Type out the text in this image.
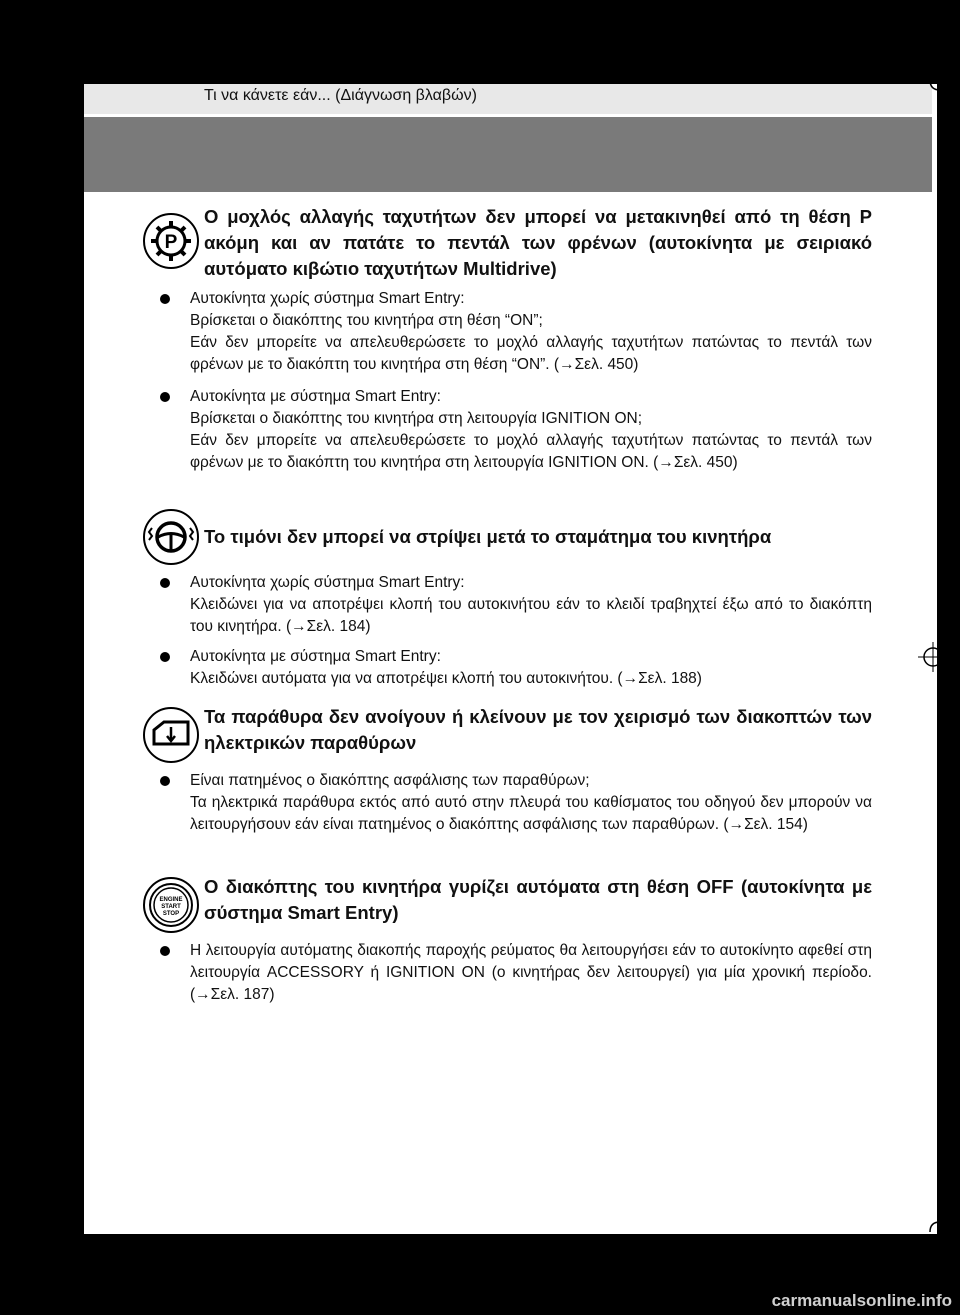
Τι να κάνετε εάν... (Διάγνωση βλαβών)
P
Ο μοχλός αλλαγής ταχυτήτων δεν μπορεί να μετακινηθεί από τη θέση P ακόμη και αν πατάτε το πεντάλ των φρένων (αυτοκίνητα με σειριακό αυτόματο κιβώτιο ταχυτήτων Multidrive)

Αυτοκίνητα χωρίς σύστημα Smart Entry:

Βρίσκεται ο διακόπτης του κινητήρα στη θέση “ON”;

Εάν δεν μπορείτε να απελευθερώσετε το μοχλό αλλαγής ταχυτήτων πατώντας το πεντάλ των φρένων με το διακόπτη του κινητήρα στη θέση “ON”. (→Σελ. 450)

Αυτοκίνητα με σύστημα Smart Entry:

Βρίσκεται ο διακόπτης του κινητήρα στη λειτουργία IGNITION ON;

Εάν δεν μπορείτε να απελευθερώσετε το μοχλό αλλαγής ταχυτήτων πατώντας το πεντάλ των φρένων με το διακόπτη του κινητήρα στη λειτουργία IGNITION ON. (→Σελ. 450)

Το τιμόνι δεν μπορεί να στρίψει μετά το σταμάτημα του κινητήρα

Αυτοκίνητα χωρίς σύστημα Smart Entry:

Κλειδώνει για να αποτρέψει κλοπή του αυτοκινήτου εάν το κλειδί τραβηχτεί έξω από το διακόπτη του κινητήρα. (→Σελ. 184)

Αυτοκίνητα με σύστημα Smart Entry:

Κλειδώνει αυτόματα για να αποτρέψει κλοπή του αυτοκινήτου. (→Σελ. 188)

Τα παράθυρα δεν ανοίγουν ή κλείνουν με τον χειρισμό των διακοπτών των ηλεκτρικών παραθύρων

Είναι πατημένος ο διακόπτης ασφάλισης των παραθύρων;

Τα ηλεκτρικά παράθυρα εκτός από αυτό στην πλευρά του καθίσματος του οδηγού δεν μπορούν να λειτουργήσουν εάν είναι πατημένος ο διακόπτης ασφάλισης των παραθύρων. (→Σελ. 154)

ENGINE
START
STOP
Ο διακόπτης του κινητήρα γυρίζει αυτόματα στη θέση OFF (αυτοκίνητα με σύστημα Smart Entry)

Η λειτουργία αυτόματης διακοπής παροχής ρεύματος θα λειτουργήσει εάν το αυτοκίνητο αφεθεί στη λειτουργία ACCESSORY ή IGNITION ON (ο κινητήρας δεν λειτουργεί) για μία χρονική περίοδο. (→Σελ. 187)

carmanualsonline.info
